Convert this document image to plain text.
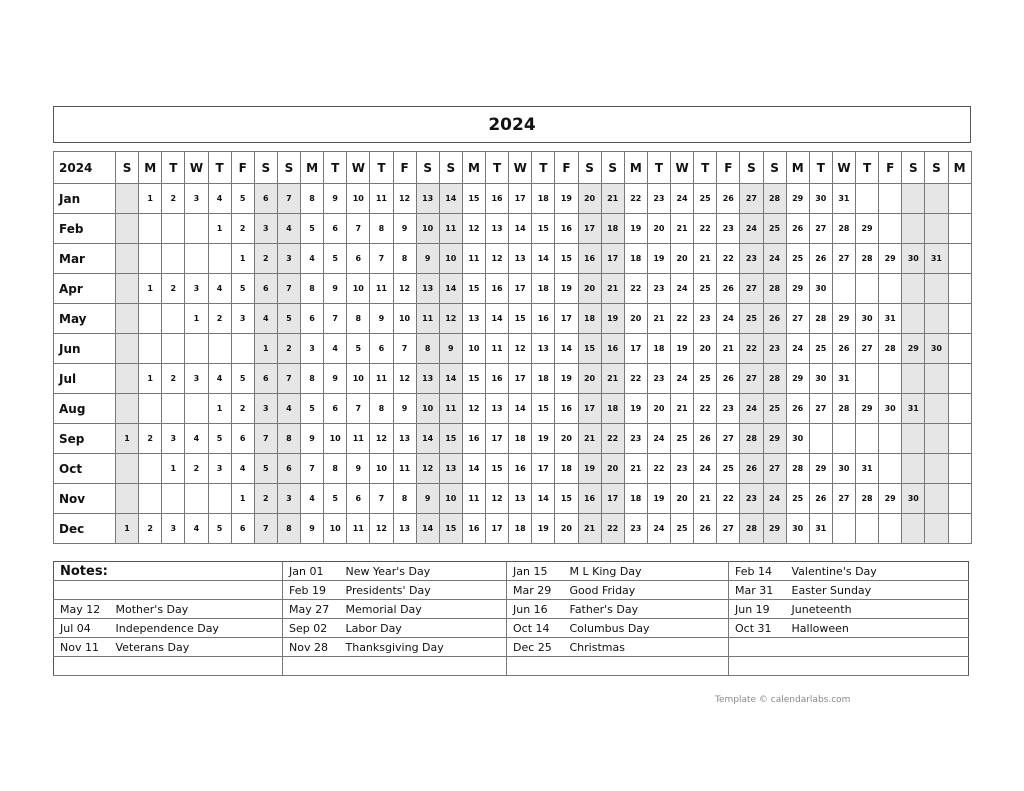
2024
2024	S	M	T	W	T	F	S	S	M	T	W	T	F	S	S	M	T	W	T	F	S	S	M	T	W	T	F	S	S	M	T	W	T	F	S	S	M
Jan		1	2	3	4	5	6	7	8	9	10	11	12	13	14	15	16	17	18	19	20	21	22	23	24	25	26	27	28	29	30	31					
Feb					1	2	3	4	5	6	7	8	9	10	11	12	13	14	15	16	17	18	19	20	21	22	23	24	25	26	27	28	29				
Mar						1	2	3	4	5	6	7	8	9	10	11	12	13	14	15	16	17	18	19	20	21	22	23	24	25	26	27	28	29	30	31	
Apr		1	2	3	4	5	6	7	8	9	10	11	12	13	14	15	16	17	18	19	20	21	22	23	24	25	26	27	28	29	30						
May				1	2	3	4	5	6	7	8	9	10	11	12	13	14	15	16	17	18	19	20	21	22	23	24	25	26	27	28	29	30	31			
Jun							1	2	3	4	5	6	7	8	9	10	11	12	13	14	15	16	17	18	19	20	21	22	23	24	25	26	27	28	29	30	
Jul		1	2	3	4	5	6	7	8	9	10	11	12	13	14	15	16	17	18	19	20	21	22	23	24	25	26	27	28	29	30	31					
Aug					1	2	3	4	5	6	7	8	9	10	11	12	13	14	15	16	17	18	19	20	21	22	23	24	25	26	27	28	29	30	31		
Sep	1	2	3	4	5	6	7	8	9	10	11	12	13	14	15	16	17	18	19	20	21	22	23	24	25	26	27	28	29	30							
Oct			1	2	3	4	5	6	7	8	9	10	11	12	13	14	15	16	17	18	19	20	21	22	23	24	25	26	27	28	29	30	31				
Nov						1	2	3	4	5	6	7	8	9	10	11	12	13	14	15	16	17	18	19	20	21	22	23	24	25	26	27	28	29	30		
Dec	1	2	3	4	5	6	7	8	9	10	11	12	13	14	15	16	17	18	19	20	21	22	23	24	25	26	27	28	29	30	31						
Notes:		Jan 01	New Year's Day	Jan 15	M L King Day	Feb 14	Valentine's Day
		Feb 19	Presidents' Day	Mar 29	Good Friday	Mar 31	Easter Sunday
May 12	Mother's Day	May 27	Memorial Day	Jun 16	Father's Day	Jun 19	Juneteenth
Jul 04	Independence Day	Sep 02	Labor Day	Oct 14	Columbus Day	Oct 31	Halloween
Nov 11	Veterans Day	Nov 28	Thanksgiving Day	Dec 25	Christmas		

Template © calendarlabs.com
